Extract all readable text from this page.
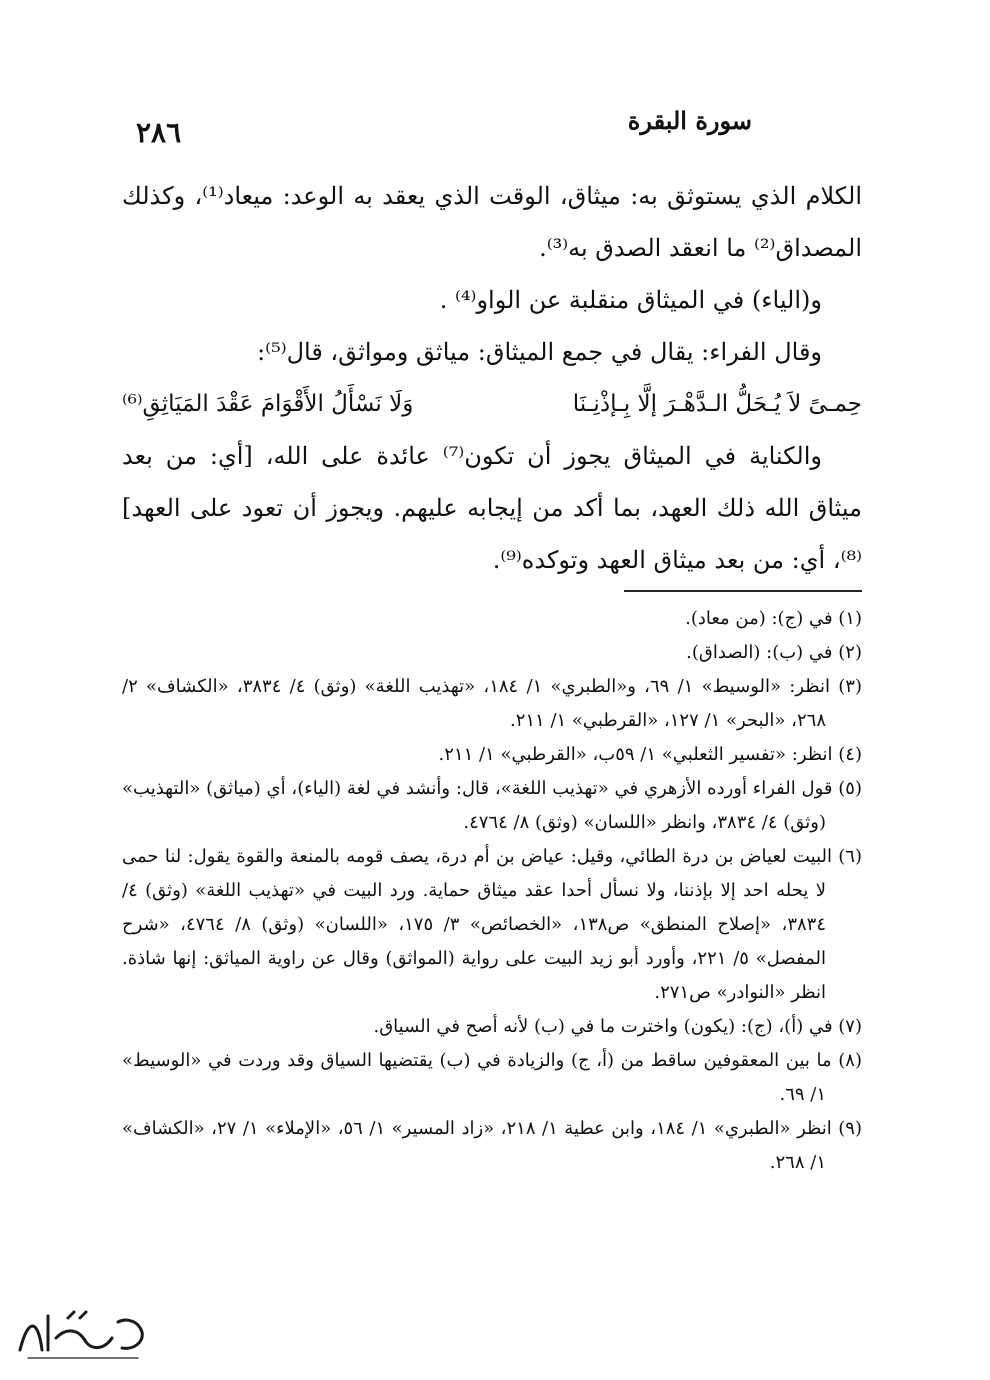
سورة البقرة
٢٨٦

الكلام الذي يستوثق به: ميثاق، الوقت الذي يعقد به الوعد: ميعاد⁽¹⁾، وكذلك المصداق⁽²⁾ ما انعقد الصدق به⁽³⁾.

و(الياء) في الميثاق منقلبة عن الواو⁽⁴⁾ .

وقال الفراء: يقال في جمع الميثاق: مياثق ومواثق، قال⁽⁵⁾:

حِمـىً لاَ يُـحَلُّ الـدَّهْـرَ إلَّا بِـإذْنِـنَا
وَلَا نَسْأَلُ الأَقْوَامَ عَقْدَ المَيَاثِقِ⁽⁶⁾

والكناية في الميثاق يجوز أن تكون⁽⁷⁾ عائدة على الله، [أي: من بعد ميثاق الله ذلك العهد، بما أكد من إيجابه عليهم. ويجوز أن تعود على العهد]⁽⁸⁾، أي: من بعد ميثاق العهد وتوكده⁽⁹⁾.

(١) في (ج): (من معاد).

(٢) في (ب): (الصداق).

(٣) انظر: «الوسيط» ١/ ٦٩، و«الطبري» ١/ ١٨٤، «تهذيب اللغة» (وثق) ٤/ ٣٨٣٤، «الكشاف» ٢/ ٢٦٨، «البحر» ١/ ١٢٧، «القرطبي» ١/ ٢١١.

(٤) انظر: «تفسير الثعلبي» ١/ ٥٩ب، «القرطبي» ١/ ٢١١.

(٥) قول الفراء أورده الأزهري في «تهذيب اللغة»، قال: وأنشد في لغة (الياء)، أي (مياثق) «التهذيب» (وثق) ٤/ ٣٨٣٤، وانظر «اللسان» (وثق) ٨/ ٤٧٦٤.

(٦) البيت لعياض بن درة الطائي، وقيل: عياض بن أم درة، يصف قومه بالمنعة والقوة يقول: لنا حمى لا يحله احد إلا بإذننا، ولا نسأل أحدا عقد ميثاق حماية. ورد البيت في «تهذيب اللغة» (وثق) ٤/ ٣٨٣٤، «إصلاح المنطق» ص١٣٨، «الخصائص» ٣/ ١٧٥، «اللسان» (وثق) ٨/ ٤٧٦٤، «شرح المفصل» ٥/ ٢٢١، وأورد أبو زيد البيت على رواية (المواثق) وقال عن راوية المياثق: إنها شاذة. انظر «النوادر» ص٢٧١.

(٧) في (أ)، (ج): (يكون) واخترت ما في (ب) لأنه أصح في السياق.

(٨) ما بين المعقوفين ساقط من (أ، ج) والزيادة في (ب) يقتضيها السياق وقد وردت في «الوسيط» ١/ ٦٩.

(٩) انظر «الطبري» ١/ ١٨٤، وابن عطية ١/ ٢١٨، «زاد المسير» ١/ ٥٦، «الإملاء» ١/ ٢٧، «الكشاف» ١/ ٢٦٨.
